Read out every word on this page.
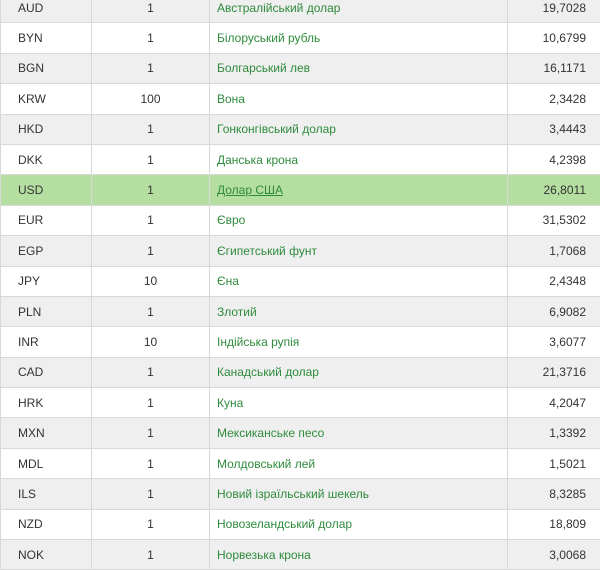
AUD	1	Австралійський долар	19,7028
BYN	1	Білоруський рубль	10,6799
BGN	1	Болгарський лев	16,1171
KRW	100	Вона	2,3428
HKD	1	Гонконгівський долар	3,4443
DKK	1	Данська крона	4,2398
USD	1	Долар США	26,8011
EUR	1	Євро	31,5302
EGP	1	Єгипетський фунт	1,7068
JPY	10	Єна	2,4348
PLN	1	Злотий	6,9082
INR	10	Індійська рупія	3,6077
CAD	1	Канадський долар	21,3716
HRK	1	Куна	4,2047
MXN	1	Мексиканське песо	1,3392
MDL	1	Молдовський лей	1,5021
ILS	1	Новий ізраїльський шекель	8,3285
NZD	1	Новозеландський долар	18,809
NOK	1	Норвезька крона	3,0068
